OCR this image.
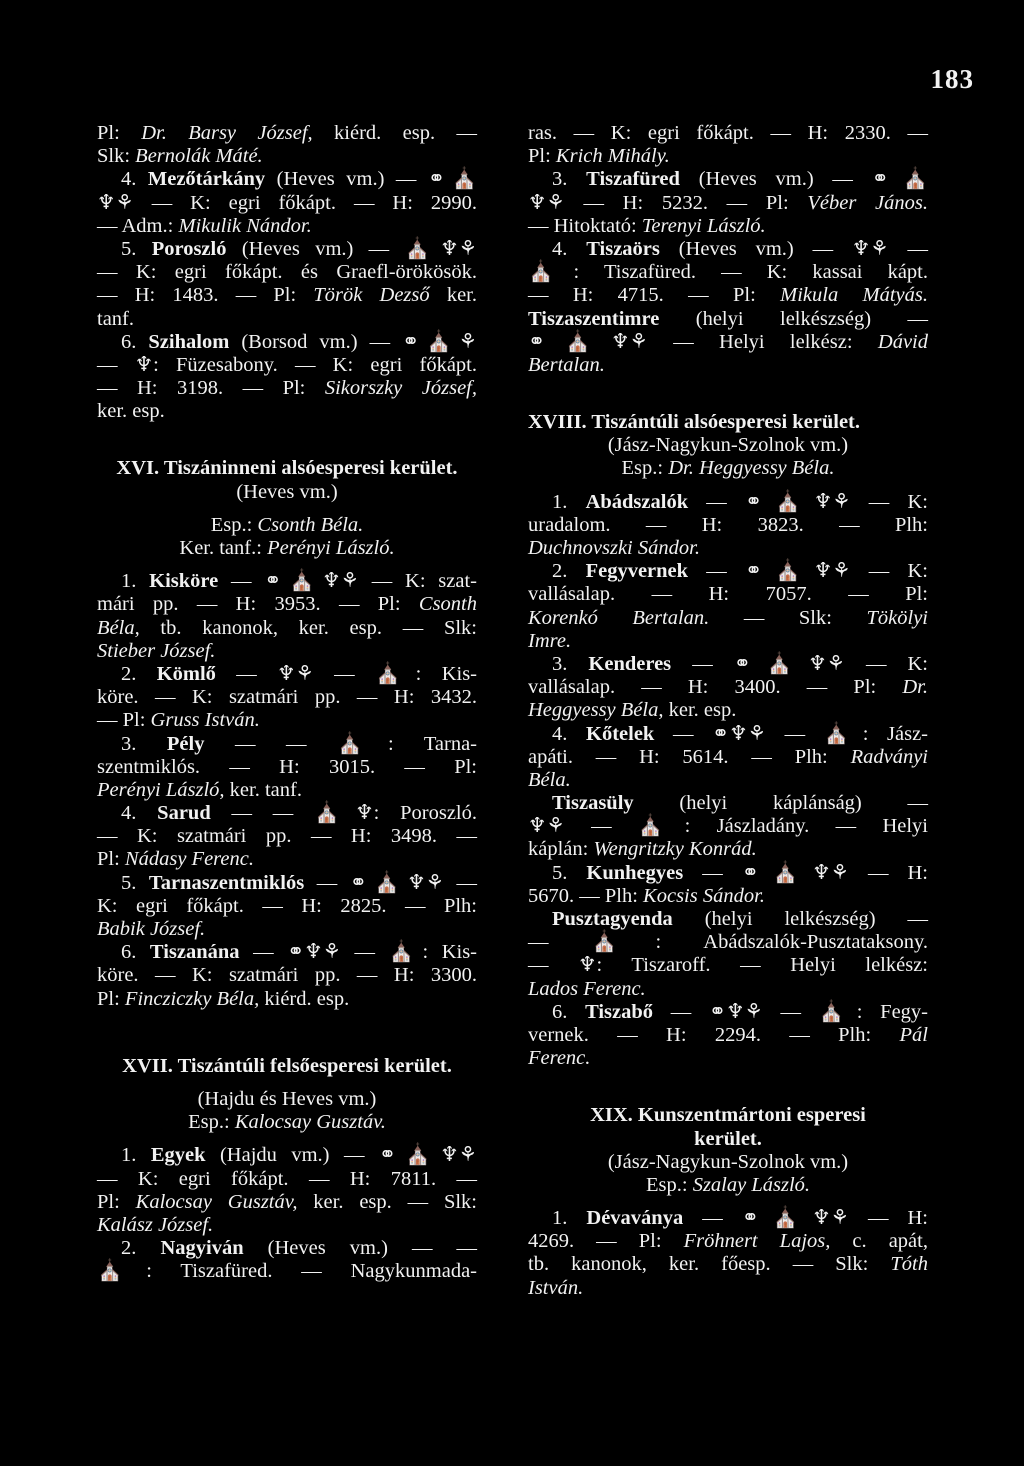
183
Pl: Dr. Barsy József, kiérd. esp. —
Slk: Bernolák Máté.
4. Mezőtárkány (Heves vm.) — ⚭⛪
♆⚘ — K: egri főkápt. — H: 2990.
— Adm.: Mikulik Nándor.
5. Poroszló (Heves vm.) — ⛪♆⚘
— K: egri főkápt. és Graefl-örökösök.
— H: 1483. — Pl: Török Dezső ker.
tanf.
6. Szihalom (Borsod vm.) — ⚭⛪⚘
— ♆: Füzesabony. — K: egri főkápt.
— H: 3198. — Pl: Sikorszky József,
ker. esp.
XVI. Tiszáninneni alsóesperesi kerület.
(Heves vm.)
Esp.: Csonth Béla.
Ker. tanf.: Perényi László.
1. Kisköre — ⚭⛪♆⚘ — K: szat-
mári pp. — H: 3953. — Pl: Csonth
Béla, tb. kanonok, ker. esp. — Slk:
Stieber József.
2. Kömlő — ♆⚘ — ⛪: Kis-
köre. — K: szatmári pp. — H: 3432.
— Pl: Gruss István.
3. Pély — — ⛪: Tarna-
szentmiklós. — H: 3015. — Pl:
Perényi László, ker. tanf.
4. Sarud — — ⛪♆: Poroszló.
— K: szatmári pp. — H: 3498. —
Pl: Nádasy Ferenc.
5. Tarnaszentmiklós — ⚭⛪♆⚘ —
K: egri főkápt. — H: 2825. — Plh:
Babik József.
6. Tiszanána — ⚭♆⚘ — ⛪: Kis-
köre. — K: szatmári pp. — H: 3300.
Pl: Fincziczky Béla, kiérd. esp.
XVII. Tiszántúli felsőesperesi kerület.
(Hajdu és Heves vm.)
Esp.: Kalocsay Gusztáv.
1. Egyek (Hajdu vm.) — ⚭⛪♆⚘
— K: egri főkápt. — H: 7811. —
Pl: Kalocsay Gusztáv, ker. esp. — Slk:
Kalász József.
2. Nagyiván (Heves vm.) — —
⛪: Tiszafüred. — Nagykunmada-
ras. — K: egri főkápt. — H: 2330. —
Pl: Krich Mihály.
3. Tiszafüred (Heves vm.) — ⚭⛪
♆⚘ — H: 5232. — Pl: Véber János.
— Hitoktató: Terenyi László.
4. Tiszaörs (Heves vm.) — ♆⚘ —
⛪: Tiszafüred. — K: kassai kápt.
— H: 4715. — Pl: Mikula Mátyás.
Tiszaszentimre (helyi lelkészség) —
⚭⛪♆⚘ — Helyi lelkész: Dávid
Bertalan.
XVIII. Tiszántúli alsóesperesi kerület.
(Jász-Nagykun-Szolnok vm.)
Esp.: Dr. Heggyessy Béla.
1. Abádszalók — ⚭⛪♆⚘ — K:
uradalom. — H: 3823. — Plh:
Duchnovszki Sándor.
2. Fegyvernek — ⚭⛪♆⚘ — K:
vallásalap. — H: 7057. — Pl:
Korenkó Bertalan. — Slk: Tökölyi
Imre.
3. Kenderes — ⚭⛪♆⚘ — K:
vallásalap. — H: 3400. — Pl: Dr.
Heggyessy Béla, ker. esp.
4. Kőtelek — ⚭♆⚘ — ⛪: Jász-
apáti. — H: 5614. — Plh: Radványi
Béla.
Tiszasüly (helyi káplánság) —
♆⚘ — ⛪: Jászladány. — Helyi
káplán: Wengritzky Konrád.
5. Kunhegyes — ⚭⛪♆⚘ — H:
5670. — Plh: Kocsis Sándor.
Pusztagyenda (helyi lelkészség) —
— ⛪: Abádszalók-Pusztataksony.
— ♆: Tiszaroff. — Helyi lelkész:
Lados Ferenc.
6. Tiszabő — ⚭♆⚘ — ⛪: Fegy-
vernek. — H: 2294. — Plh: Pál
Ferenc.
XIX. Kunszentmártoni esperesi
kerület.
(Jász-Nagykun-Szolnok vm.)
Esp.: Szalay László.
1. Dévaványa — ⚭⛪♆⚘ — H:
4269. — Pl: Fröhnert Lajos, c. apát,
tb. kanonok, ker. főesp. — Slk: Tóth
István.
